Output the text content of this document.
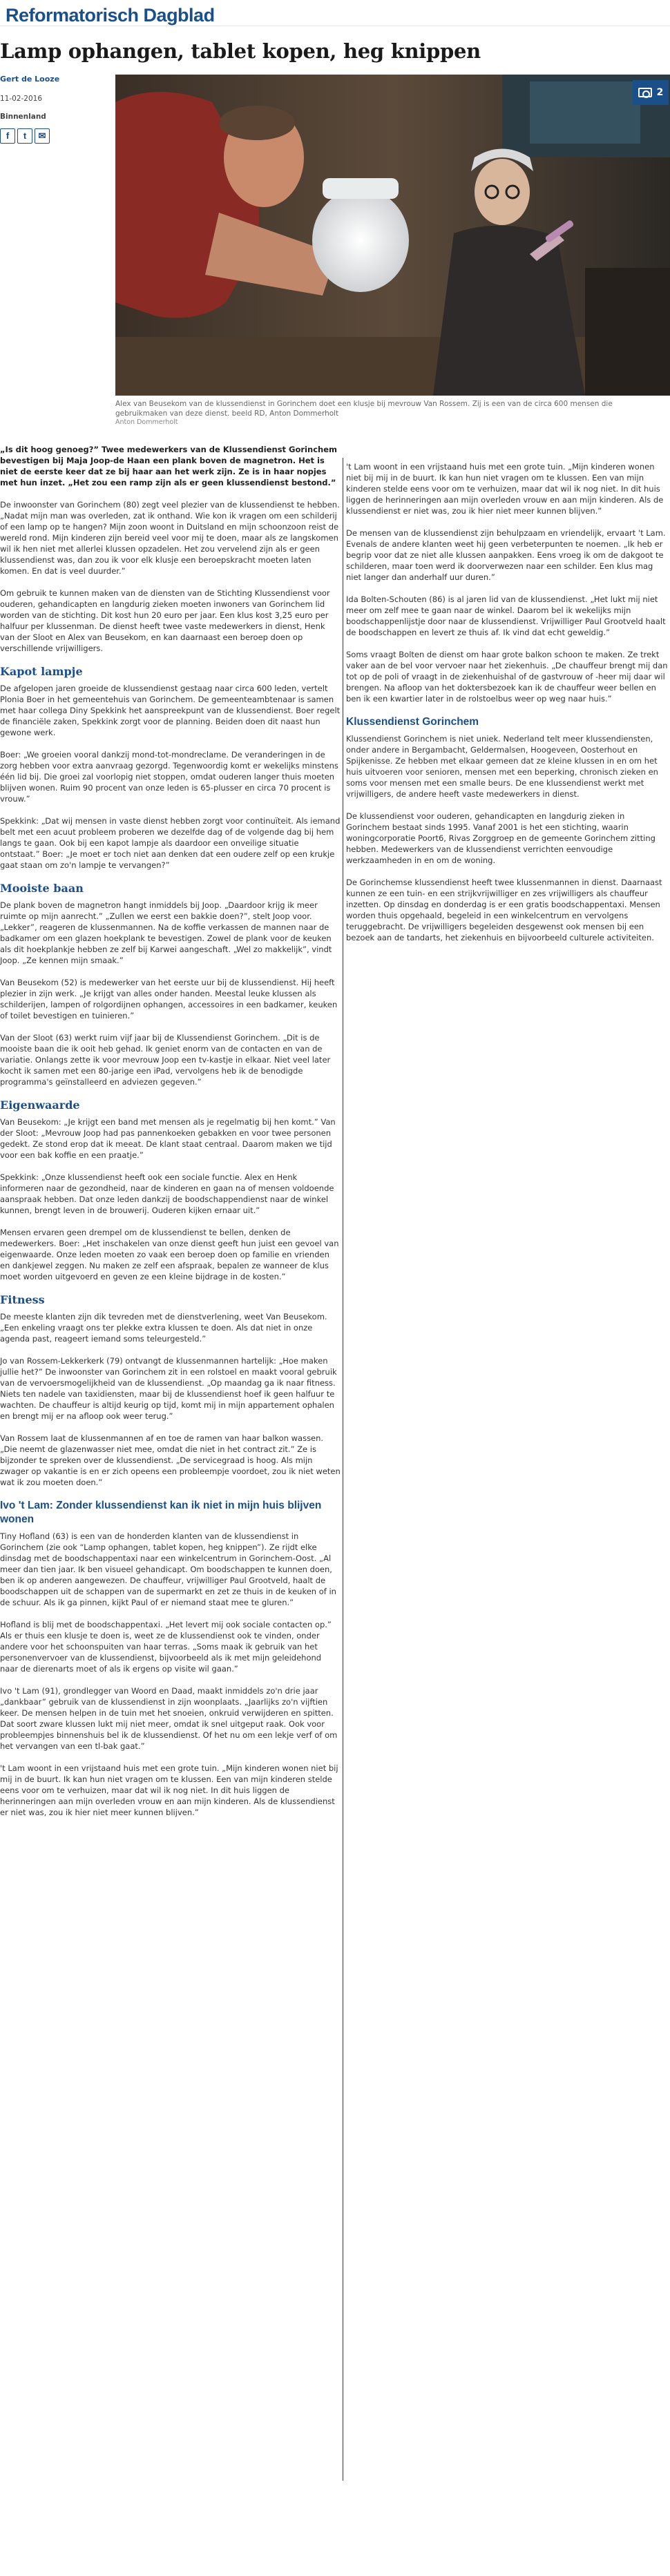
Reformatorisch Dagblad
Lamp ophangen, tablet kopen, heg knippen
Gert de Looze
11-02-2016
Binnenland
f	t	✉
2
Alex van Beusekom van de klussendienst in Gorinchem doet een klusje bij mevrouw Van Rossem. Zij is een van de circa 600 mensen die gebruikmaken van deze dienst. beeld RD, Anton Dommerholt
Anton Dommerholt

„Is dit hoog genoeg?” Twee medewerkers van de Klussendienst Gorinchem bevestigen bij Maja Joop-de Haan een plank boven de magnetron. Het is niet de eerste keer dat ze bij haar aan het werk zijn. Ze is in haar nopjes met hun inzet. „Het zou een ramp zijn als er geen klussendienst bestond.”

De inwoonster van Gorinchem (80) zegt veel plezier van de klussendienst te hebben. „Nadat mijn man was overleden, zat ik onthand. Wie kon ik vragen om een schilderij of een lamp op te hangen? Mijn zoon woont in Duitsland en mijn schoonzoon reist de wereld rond. Mijn kinderen zijn bereid veel voor mij te doen, maar als ze langskomen wil ik hen niet met allerlei klussen opzadelen. Het zou vervelend zijn als er geen klussendienst was, dan zou ik voor elk klusje een beroepskracht moeten laten komen. En dat is veel duurder.”

Om gebruik te kunnen maken van de diensten van de Stichting Klussendienst voor ouderen, gehandicapten en langdurig zieken moeten inwoners van Gorinchem lid worden van de stichting. Dit kost hun 20 euro per jaar. Een klus kost 3,25 euro per halfuur per klussenman. De dienst heeft twee vaste medewerkers in dienst, Henk van der Sloot en Alex van Beusekom, en kan daarnaast een beroep doen op verschillende vrijwilligers.

Kapot lampje

De afgelopen jaren groeide de klussendienst gestaag naar circa 600 leden, vertelt Plonia Boer in het gemeentehuis van Gorinchem. De gemeenteambtenaar is samen met haar collega Diny Spekkink het aanspreekpunt van de klussendienst. Boer regelt de financiële zaken, Spekkink zorgt voor de planning. Beiden doen dit naast hun gewone werk.

Boer: „We groeien vooral dankzij mond-tot-mondreclame. De veranderingen in de zorg hebben voor extra aanvraag gezorgd. Tegenwoordig komt er wekelijks minstens één lid bij. Die groei zal voorlopig niet stoppen, omdat ouderen langer thuis moeten blijven wonen. Ruim 90 procent van onze leden is 65-plusser en circa 70 procent is vrouw.”

Spekkink: „Dat wij mensen in vaste dienst hebben zorgt voor continuïteit. Als iemand belt met een acuut probleem proberen we dezelfde dag of de volgende dag bij hem langs te gaan. Ook bij een kapot lampje als daardoor een onveilige situatie ontstaat.” Boer: „Je moet er toch niet aan denken dat een oudere zelf op een krukje gaat staan om zo'n lampje te vervangen?”

Mooiste baan

De plank boven de magnetron hangt inmiddels bij Joop. „Daardoor krijg ik meer ruimte op mijn aanrecht.” „Zullen we eerst een bakkie doen?”, stelt Joop voor. „Lekker”, reageren de klussenmannen. Na de koffie verkassen de mannen naar de badkamer om een glazen hoekplank te bevestigen. Zowel de plank voor de keuken als dit hoekplankje hebben ze zelf bij Karwei aangeschaft. „Wel zo makkelijk”, vindt Joop. „Ze kennen mijn smaak.”

Van Beusekom (52) is medewerker van het eerste uur bij de klussendienst. Hij heeft plezier in zijn werk. „Je krijgt van alles onder handen. Meestal leuke klussen als schilderijen, lampen of rolgordijnen ophangen, accessoires in een badkamer, keuken of toilet bevestigen en tuinieren.”

Van der Sloot (63) werkt ruim vijf jaar bij de Klussendienst Gorinchem. „Dit is de mooiste baan die ik ooit heb gehad. Ik geniet enorm van de contacten en van de variatie. Onlangs zette ik voor mevrouw Joop een tv-kastje in elkaar. Niet veel later kocht ik samen met een 80-jarige een iPad, vervolgens heb ik de benodigde programma's geïnstalleerd en adviezen gegeven.”

Eigenwaarde

Van Beusekom: „Je krijgt een band met mensen als je regelmatig bij hen komt.” Van der Sloot: „Mevrouw Joop had pas pannenkoeken gebakken en voor twee personen gedekt. Ze stond erop dat ik meeat. De klant staat centraal. Daarom maken we tijd voor een bak koffie en een praatje.”

Spekkink: „Onze klussendienst heeft ook een sociale functie. Alex en Henk informeren naar de gezondheid, naar de kinderen en gaan na of mensen voldoende aanspraak hebben. Dat onze leden dankzij de boodschappendienst naar de winkel kunnen, brengt leven in de brouwerij. Ouderen kijken ernaar uit.”

Mensen ervaren geen drempel om de klussendienst te bellen, denken de medewerkers. Boer: „Het inschakelen van onze dienst geeft hun juist een gevoel van eigenwaarde. Onze leden moeten zo vaak een beroep doen op familie en vrienden en dankjewel zeggen. Nu maken ze zelf een afspraak, bepalen ze wanneer de klus moet worden uitgevoerd en geven ze een kleine bijdrage in de kosten.”

Fitness

De meeste klanten zijn dik tevreden met de dienstverlening, weet Van Beusekom. „Een enkeling vraagt ons ter plekke extra klussen te doen. Als dat niet in onze agenda past, reageert iemand soms teleurgesteld.”

Jo van Rossem-Lekkerkerk (79) ontvangt de klussenmannen hartelijk: „Hoe maken jullie het?” De inwoonster van Gorinchem zit in een rolstoel en maakt vooral gebruik van de vervoersmogelijkheid van de klussendienst. „Op maandag ga ik naar fitness. Niets ten nadele van taxidiensten, maar bij de klussendienst hoef ik geen halfuur te wachten. De chauffeur is altijd keurig op tijd, komt mij in mijn appartement ophalen en brengt mij er na afloop ook weer terug.”

Van Rossem laat de klussenmannen af en toe de ramen van haar balkon wassen. „Die neemt de glazenwasser niet mee, omdat die niet in het contract zit.” Ze is bijzonder te spreken over de klussendienst. „De servicegraad is hoog. Als mijn zwager op vakantie is en er zich opeens een probleempje voordoet, zou ik niet weten wat ik zou moeten doen.”

Ivo 't Lam: Zonder klussendienst kan ik niet in mijn huis blijven wonen

Tiny Hofland (63) is een van de honderden klanten van de klussendienst in Gorinchem (zie ook “Lamp ophangen, tablet kopen, heg knippen”). Ze rijdt elke dinsdag met de boodschappentaxi naar een winkelcentrum in Gorinchem-Oost. „Al meer dan tien jaar. Ik ben visueel gehandicapt. Om boodschappen te kunnen doen, ben ik op anderen aangewezen. De chauffeur, vrijwilliger Paul Grootveld, haalt de boodschappen uit de schappen van de supermarkt en zet ze thuis in de keuken of in de schuur. Als ik ga pinnen, kijkt Paul of er niemand staat mee te gluren.”

Hofland is blij met de boodschappentaxi. „Het levert mij ook sociale contacten op.” Als er thuis een klusje te doen is, weet ze de klussendienst ook te vinden, onder andere voor het schoonspuiten van haar terras. „Soms maak ik gebruik van het personenvervoer van de klussendienst, bijvoorbeeld als ik met mijn geleidehond naar de dierenarts moet of als ik ergens op visite wil gaan.”

Ivo 't Lam (91), grondlegger van Woord en Daad, maakt inmiddels zo'n drie jaar „dankbaar” gebruik van de klussendienst in zijn woonplaats. „Jaarlijks zo'n vijftien keer. De mensen helpen in de tuin met het snoeien, onkruid verwijderen en spitten. Dat soort zware klussen lukt mij niet meer, omdat ik snel uitgeput raak. Ook voor probleempjes binnenshuis bel ik de klussendienst. Of het nu om een lekje verf of om het vervangen van een tl-bak gaat.”

't Lam woont in een vrijstaand huis met een grote tuin. „Mijn kinderen wonen niet bij mij in de buurt. Ik kan hun niet vragen om te klussen. Een van mijn kinderen stelde eens voor om te verhuizen, maar dat wil ik nog niet. In dit huis liggen de herinneringen aan mijn overleden vrouw en aan mijn kinderen. Als de klussendienst er niet was, zou ik hier niet meer kunnen blijven.”

't Lam woont in een vrijstaand huis met een grote tuin. „Mijn kinderen wonen niet bij mij in de buurt. Ik kan hun niet vragen om te klussen. Een van mijn kinderen stelde eens voor om te verhuizen, maar dat wil ik nog niet. In dit huis liggen de herinneringen aan mijn overleden vrouw en aan mijn kinderen. Als de klussendienst er niet was, zou ik hier niet meer kunnen blijven.”

De mensen van de klussendienst zijn behulpzaam en vriendelijk, ervaart 't Lam. Evenals de andere klanten weet hij geen verbeterpunten te noemen. „Ik heb er begrip voor dat ze niet alle klussen aanpakken. Eens vroeg ik om de dakgoot te schilderen, maar toen werd ik doorverwezen naar een schilder. Een klus mag niet langer dan anderhalf uur duren.”

Ida Bolten-Schouten (86) is al jaren lid van de klussendienst. „Het lukt mij niet meer om zelf mee te gaan naar de winkel. Daarom bel ik wekelijks mijn boodschappenlijstje door naar de klussendienst. Vrijwilliger Paul Grootveld haalt de boodschappen en levert ze thuis af. Ik vind dat echt geweldig.”

Soms vraagt Bolten de dienst om haar grote balkon schoon te maken. Ze trekt vaker aan de bel voor vervoer naar het ziekenhuis. „De chauffeur brengt mij dan tot op de poli of vraagt in de ziekenhuishal of de gastvrouw of -heer mij daar wil brengen. Na afloop van het doktersbezoek kan ik de chauffeur weer bellen en ben ik een kwartier later in de rolstoelbus weer op weg naar huis.”

Klussendienst Gorinchem

Klussendienst Gorinchem is niet uniek. Nederland telt meer klussendiensten, onder andere in Bergambacht, Geldermalsen, Hoogeveen, Oosterhout en Spijkenisse. Ze hebben met elkaar gemeen dat ze kleine klussen in en om het huis uitvoeren voor senioren, mensen met een beperking, chronisch zieken en soms voor mensen met een smalle beurs. De ene klussendienst werkt met vrijwilligers, de andere heeft vaste medewerkers in dienst.

De klussendienst voor ouderen, gehandicapten en langdurig zieken in Gorinchem bestaat sinds 1995. Vanaf 2001 is het een stichting, waarin woningcorporatie Poort6, Rivas Zorggroep en de gemeente Gorinchem zitting hebben. Medewerkers van de klussendienst verrichten eenvoudige werkzaamheden in en om de woning.

De Gorinchemse klussendienst heeft twee klussenmannen in dienst. Daarnaast kunnen ze een tuin- en een strijkvrijwilliger en zes vrijwilligers als chauffeur inzetten. Op dinsdag en donderdag is er een gratis boodschappentaxi. Mensen worden thuis opgehaald, begeleid in een winkelcentrum en vervolgens teruggebracht. De vrijwilligers begeleiden desgewenst ook mensen bij een bezoek aan de tandarts, het ziekenhuis en bijvoorbeeld culturele activiteiten.
